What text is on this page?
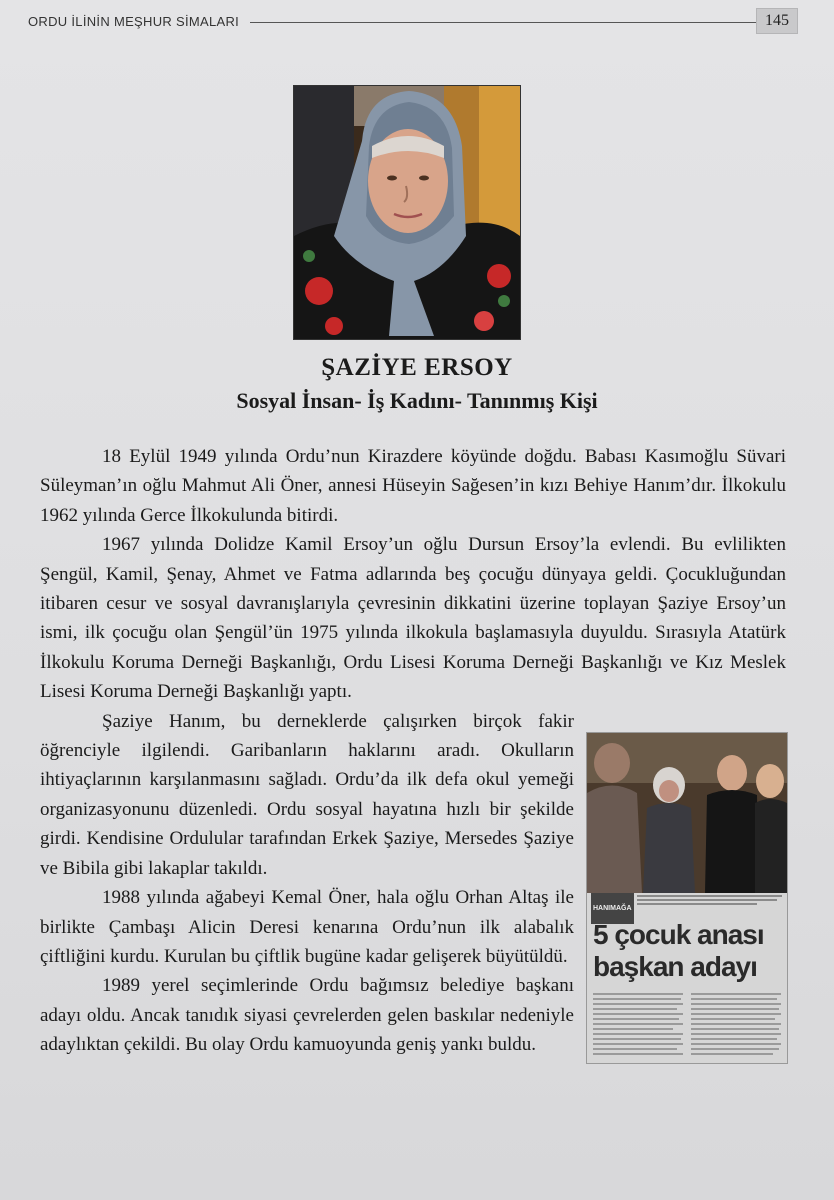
ORDU İLİNİN MEŞHUR SİMALARI	145
ŞAZİYE ERSOY
Sosyal İnsan- İş Kadını- Tanınmış Kişi

18 Eylül 1949 yılında Ordu’nun Kirazdere köyünde doğdu. Babası Kasımoğlu Süvari Süleyman’ın oğlu Mahmut Ali Öner, annesi Hüseyin Sağesen’in kızı Behiye Hanım’dır. İlkokulu 1962 yılında Gerce İlkokulunda bitirdi.

1967 yılında Dolidze Kamil Ersoy’un oğlu Dursun Ersoy’la evlendi. Bu evlilikten Şengül, Kamil, Şenay, Ahmet ve Fatma adlarında beş çocuğu dünyaya geldi. Çocukluğundan itibaren cesur ve sosyal davranışlarıyla çevresinin dikkatini üzerine toplayan Şaziye Ersoy’un ismi, ilk çocuğu olan Şengül’ün 1975 yılında ilkokula başlamasıyla duyuldu. Sırasıyla Atatürk İlkokulu Koruma Derneği Başkanlığı, Ordu Lisesi Koruma Derneği Başkanlığı ve Kız Meslek Lisesi Koruma Derneği Başkanlığı yaptı.

HANIMAĞA
5 çocuk anası
başkan adayı

Şaziye Hanım, bu derneklerde çalışırken birçok fakir öğrenciyle ilgilendi. Garibanların haklarını aradı. Okulların ihtiyaçlarının karşılanmasını sağladı. Ordu’da ilk defa okul yemeği organizasyonunu düzenledi. Ordu sosyal hayatına hızlı bir şekilde girdi. Kendisine Ordulular tarafından Erkek Şaziye, Mersedes Şaziye ve Bibila gibi lakaplar takıldı.

1988 yılında ağabeyi Kemal Öner, hala oğlu Orhan Altaş ile birlikte Çambaşı Alicin Deresi kenarına Ordu’nun ilk alabalık çiftliğini kurdu. Kurulan bu çiftlik bugüne kadar gelişerek büyütüldü.

1989 yerel seçimlerinde Ordu bağımsız belediye başkanı adayı oldu. Ancak tanıdık siyasi çevrelerden gelen baskılar nedeniyle adaylıktan çekildi. Bu olay Ordu kamuoyunda geniş yankı buldu.
